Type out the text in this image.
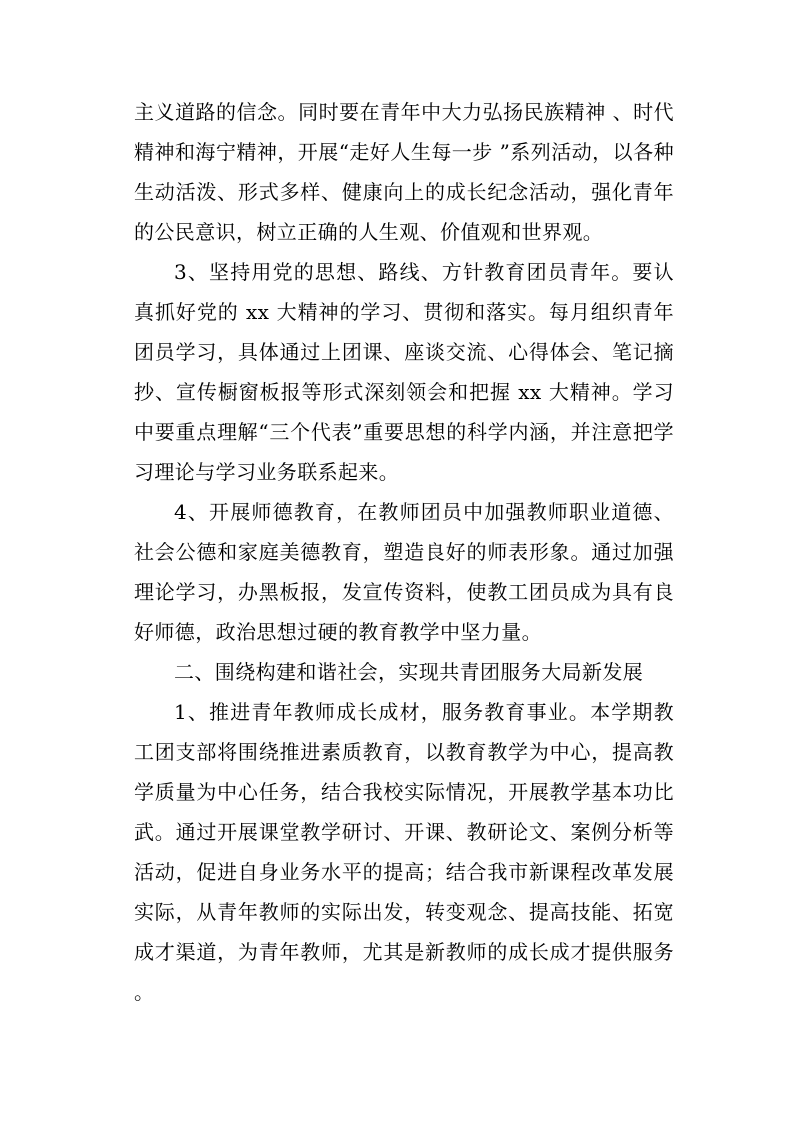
主义道路的信念。同时要在青年中大力弘扬民族精神 、时代精神和海宁精神，开展“走好人生每一步 ”系列活动，以各种生动活泼、形式多样、健康向上的成长纪念活动，强化青年的公民意识，树立正确的人生观、价值观和世界观。

3、坚持用党的思想、路线、方针教育团员青年。要认真抓好党的 xx 大精神的学习、贯彻和落实。每月组织青年团员学习，具体通过上团课、座谈交流、心得体会、笔记摘抄、宣传橱窗板报等形式深刻领会和把握 xx 大精神。学习中要重点理解“三个代表”重要思想的科学内涵，并注意把学习理论与学习业务联系起来。

4、开展师德教育，在教师团员中加强教师职业道德、社会公德和家庭美德教育，塑造良好的师表形象。通过加强理论学习，办黑板报，发宣传资料，使教工团员成为具有良好师德，政治思想过硬的教育教学中坚力量。

二、围绕构建和谐社会，实现共青团服务大局新发展

1、推进青年教师成长成材，服务教育事业。本学期教工团支部将围绕推进素质教育，以教育教学为中心，提高教学质量为中心任务，结合我校实际情况，开展教学基本功比武。通过开展课堂教学研讨、开课、教研论文、案例分析等活动，促进自身业务水平的提高；结合我市新课程改革发展实际，从青年教师的实际出发，转变观念、提高技能、拓宽成才渠道，为青年教师，尤其是新教师的成长成才提供服务 。
